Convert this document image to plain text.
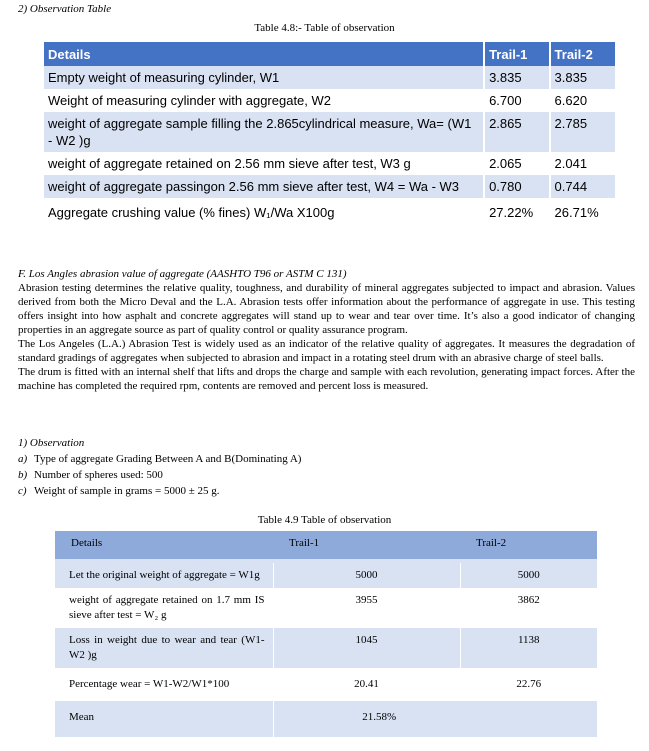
2) Observation Table
Table 4.8:- Table of observation
Details	Trail-1	Trail-2
Empty weight of measuring cylinder, W1	3.835	3.835
Weight of measuring cylinder with aggregate, W2	6.700	6.620
weight of aggregate sample filling the 2.865cylindrical measure, Wa= (W1 - W2 )g	2.865	2.785
weight of aggregate retained on 2.56 mm sieve after test, W3 g	2.065	2.041
weight of aggregate passingon 2.56 mm sieve after test, W4 = Wa - W3	0.780	0.744
Aggregate crushing value (% fines) W₁/Wa X100g	27.22%	26.71%
F. Los Angles abrasion value of aggregate (AASHTO T96 or ASTM C 131)

Abrasion testing determines the relative quality, toughness, and durability of mineral aggregates subjected to impact and abrasion. Values derived from both the Micro Deval and the L.A. Abrasion tests offer information about the performance of aggregate in use. This testing offers insight into how asphalt and concrete aggregates will stand up to wear and tear over time. It’s also a good indicator of changing properties in an aggregate source as part of quality control or quality assurance program.

The Los Angeles (L.A.) Abrasion Test is widely used as an indicator of the relative quality of aggregates. It measures the degradation of standard gradings of aggregates when subjected to abrasion and impact in a rotating steel drum with an abrasive charge of steel balls.

The drum is fitted with an internal shelf that lifts and drops the charge and sample with each revolution, generating impact forces. After the machine has completed the required rpm, contents are removed and percent loss is measured.

1) Observation
a) Type of aggregate Grading Between A and B(Dominating A)
b) Number of spheres used: 500
c) Weight of sample in grams = 5000 ± 25 g.
Table 4.9 Table of observation
Details	Trail-1	Trail-2

Let the original weight of aggregate = W1g	5000	5000
weight of aggregate retained on 1.7 mm IS sieve after test = W₂ g	3955	3862
Loss in weight due to wear and tear (W1-W2 )g	1045	1138
Percentage wear = W1-W2/W1*100	20.41	22.76
Mean	21.58%	
